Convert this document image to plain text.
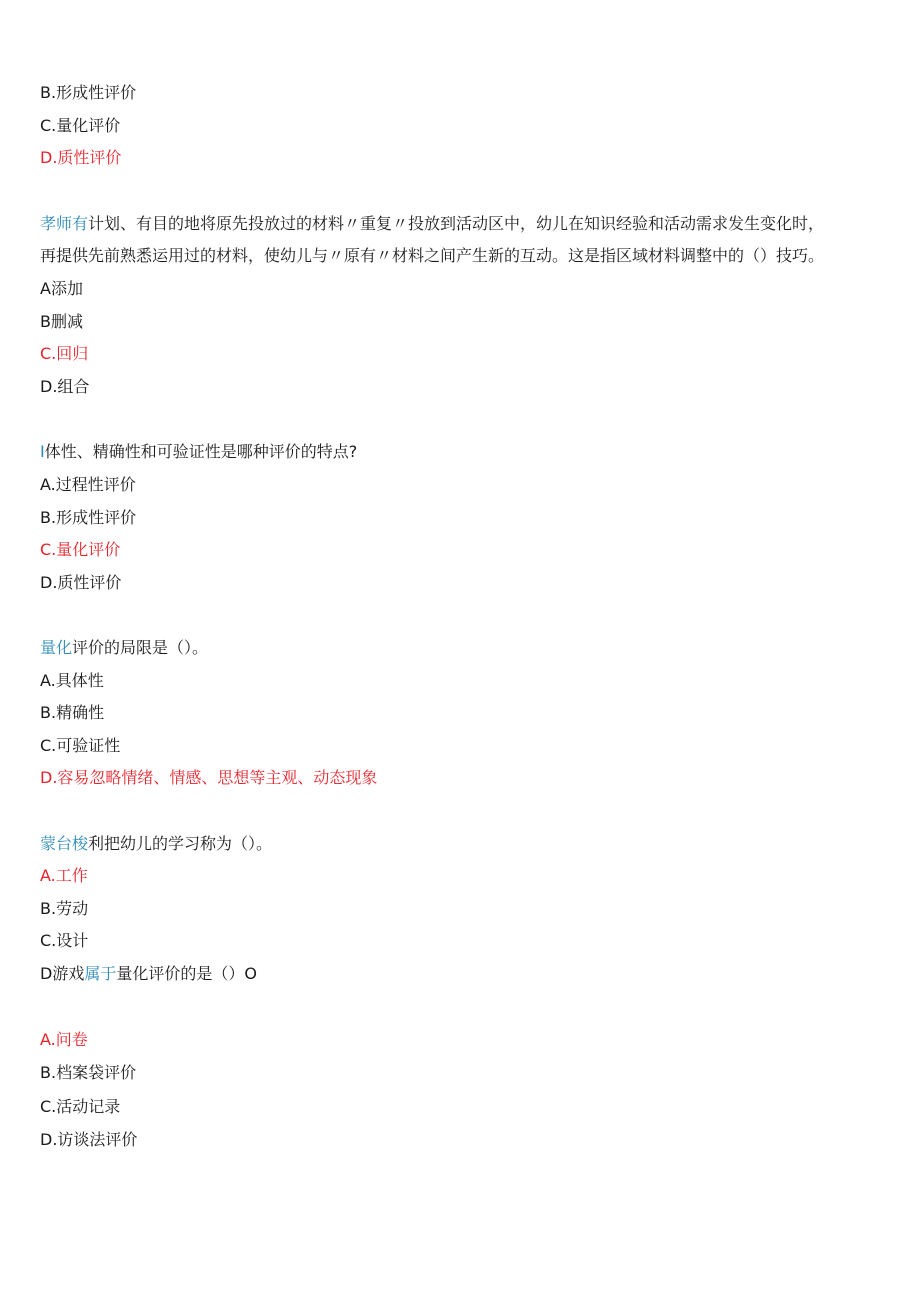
B.形成性评价
C.量化评价
D.质性评价
孝师有计划、有目的地将原先投放过的材料〃重复〃投放到活动区中，幼儿在知识经验和活动需求发生变化时，
再提供先前熟悉运用过的材料，使幼儿与〃原有〃材料之间产生新的互动。这是指区域材料调整中的（）技巧。
A添加
B删减
C.回归
D.组合
I体性、精确性和可验证性是哪种评价的特点?
A.过程性评价
B.形成性评价
C.量化评价
D.质性评价
量化评价的局限是（）。
A.具体性
B.精确性
C.可验证性
D.容易忽略情绪、情感、思想等主观、动态现象
蒙台梭利把幼儿的学习称为（）。
A.工作
B.劳动
C.设计
D游戏属于量化评价的是（）O
A.问卷
B.档案袋评价
C.活动记录
D.访谈法评价
